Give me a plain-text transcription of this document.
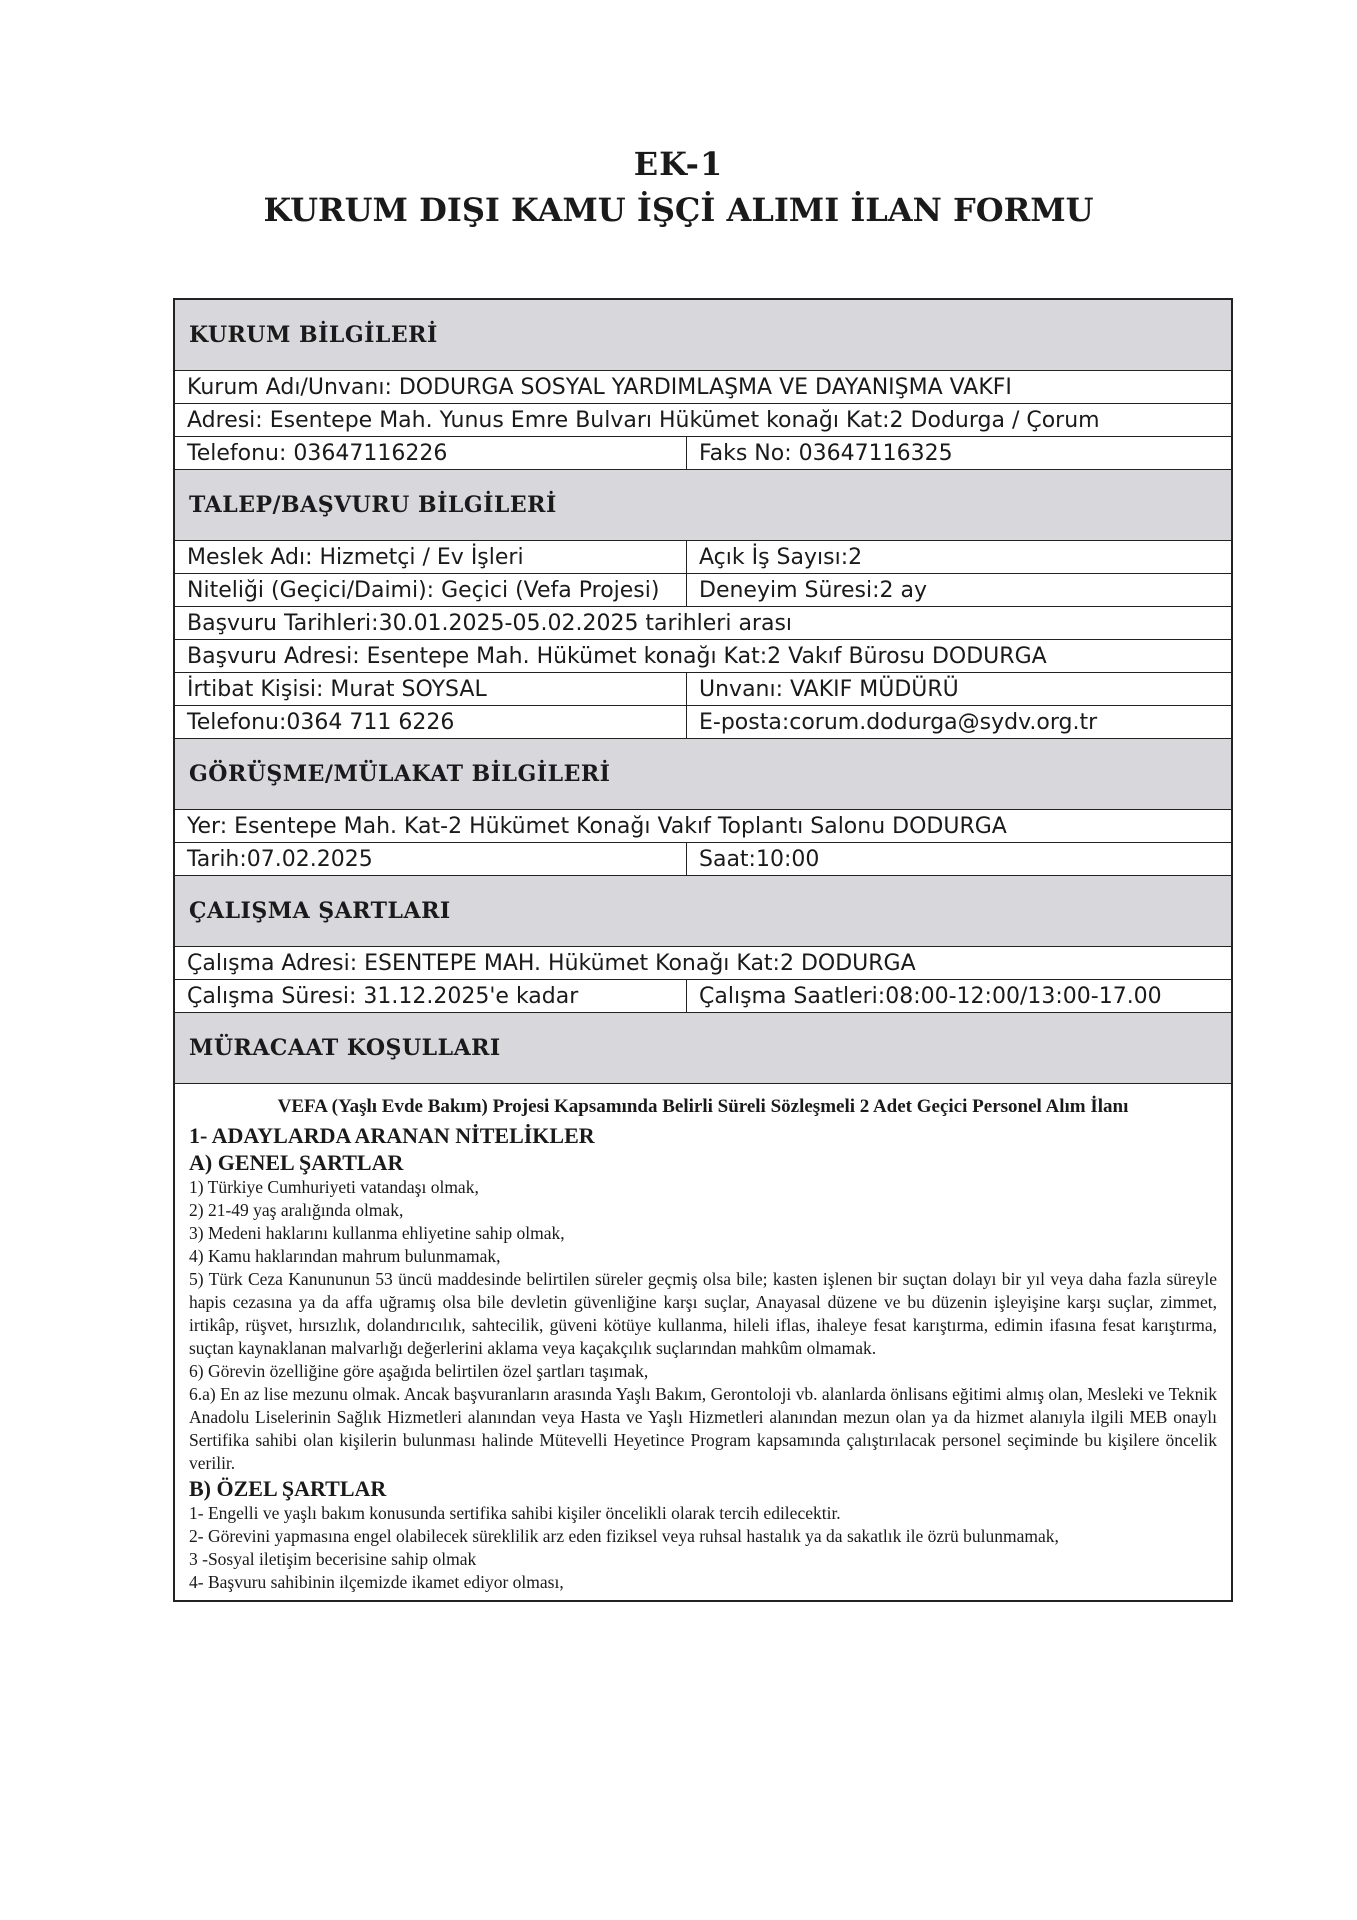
EK-1
KURUM DIŞI KAMU İŞÇİ ALIMI İLAN FORMU
KURUM BİLGİLERİ
Kurum Adı/Unvanı: DODURGA SOSYAL YARDIMLAŞMA VE DAYANIŞMA VAKFI
Adresi: Esentepe Mah. Yunus Emre Bulvarı Hükümet konağı Kat:2 Dodurga / Çorum
Telefonu: 03647116226	Faks No: 03647116325
TALEP/BAŞVURU BİLGİLERİ
Meslek Adı: Hizmetçi / Ev İşleri	Açık İş Sayısı:2
Niteliği (Geçici/Daimi): Geçici (Vefa Projesi)	Deneyim Süresi:2 ay
Başvuru Tarihleri:30.01.2025-05.02.2025 tarihleri arası
Başvuru Adresi: Esentepe Mah. Hükümet konağı Kat:2 Vakıf Bürosu DODURGA
İrtibat Kişisi: Murat SOYSAL	Unvanı: VAKIF MÜDÜRÜ
Telefonu:0364 711 6226	E-posta:corum.dodurga@sydv.org.tr
GÖRÜŞME/MÜLAKAT BİLGİLERİ
Yer: Esentepe Mah. Kat-2 Hükümet Konağı Vakıf Toplantı Salonu DODURGA
Tarih:07.02.2025	Saat:10:00
ÇALIŞMA ŞARTLARI
Çalışma Adresi: ESENTEPE MAH. Hükümet Konağı Kat:2 DODURGA
Çalışma Süresi: 31.12.2025'e kadar	Çalışma Saatleri:08:00-12:00/13:00-17.00
MÜRACAAT KOŞULLARI
VEFA (Yaşlı Evde Bakım) Projesi Kapsamında Belirli Süreli Sözleşmeli 2 Adet Geçici Personel Alım İlanı
1- ADAYLARDA ARANAN NİTELİKLER
A) GENEL ŞARTLAR

1) Türkiye Cumhuriyeti vatandaşı olmak,

2) 21-49 yaş aralığında olmak,

3) Medeni haklarını kullanma ehliyetine sahip olmak,

4) Kamu haklarından mahrum bulunmamak,

5) Türk Ceza Kanununun 53 üncü maddesinde belirtilen süreler geçmiş olsa bile; kasten işlenen bir suçtan dolayı bir yıl veya daha fazla süreyle hapis cezasına ya da affa uğramış olsa bile devletin güvenliğine karşı suçlar, Anayasal düzene ve bu düzenin işleyişine karşı suçlar, zimmet, irtikâp, rüşvet, hırsızlık, dolandırıcılık, sahtecilik, güveni kötüye kullanma, hileli iflas, ihaleye fesat karıştırma, edimin ifasına fesat karıştırma, suçtan kaynaklanan malvarlığı değerlerini aklama veya kaçakçılık suçlarından mahkûm olmamak.

6) Görevin özelliğine göre aşağıda belirtilen özel şartları taşımak,

6.a) En az lise mezunu olmak. Ancak başvuranların arasında Yaşlı Bakım, Gerontoloji vb. alanlarda önlisans eğitimi almış olan, Mesleki ve Teknik Anadolu Liselerinin Sağlık Hizmetleri alanından veya Hasta ve Yaşlı Hizmetleri alanından mezun olan ya da hizmet alanıyla ilgili MEB onaylı Sertifika sahibi olan kişilerin bulunması halinde Mütevelli Heyetince Program kapsamında çalıştırılacak personel seçiminde bu kişilere öncelik verilir.

B) ÖZEL ŞARTLAR

1- Engelli ve yaşlı bakım konusunda sertifika sahibi kişiler öncelikli olarak tercih edilecektir.

2- Görevini yapmasına engel olabilecek süreklilik arz eden fiziksel veya ruhsal hastalık ya da sakatlık ile özrü bulunmamak,

3 -Sosyal iletişim becerisine sahip olmak

4- Başvuru sahibinin ilçemizde ikamet ediyor olması,
